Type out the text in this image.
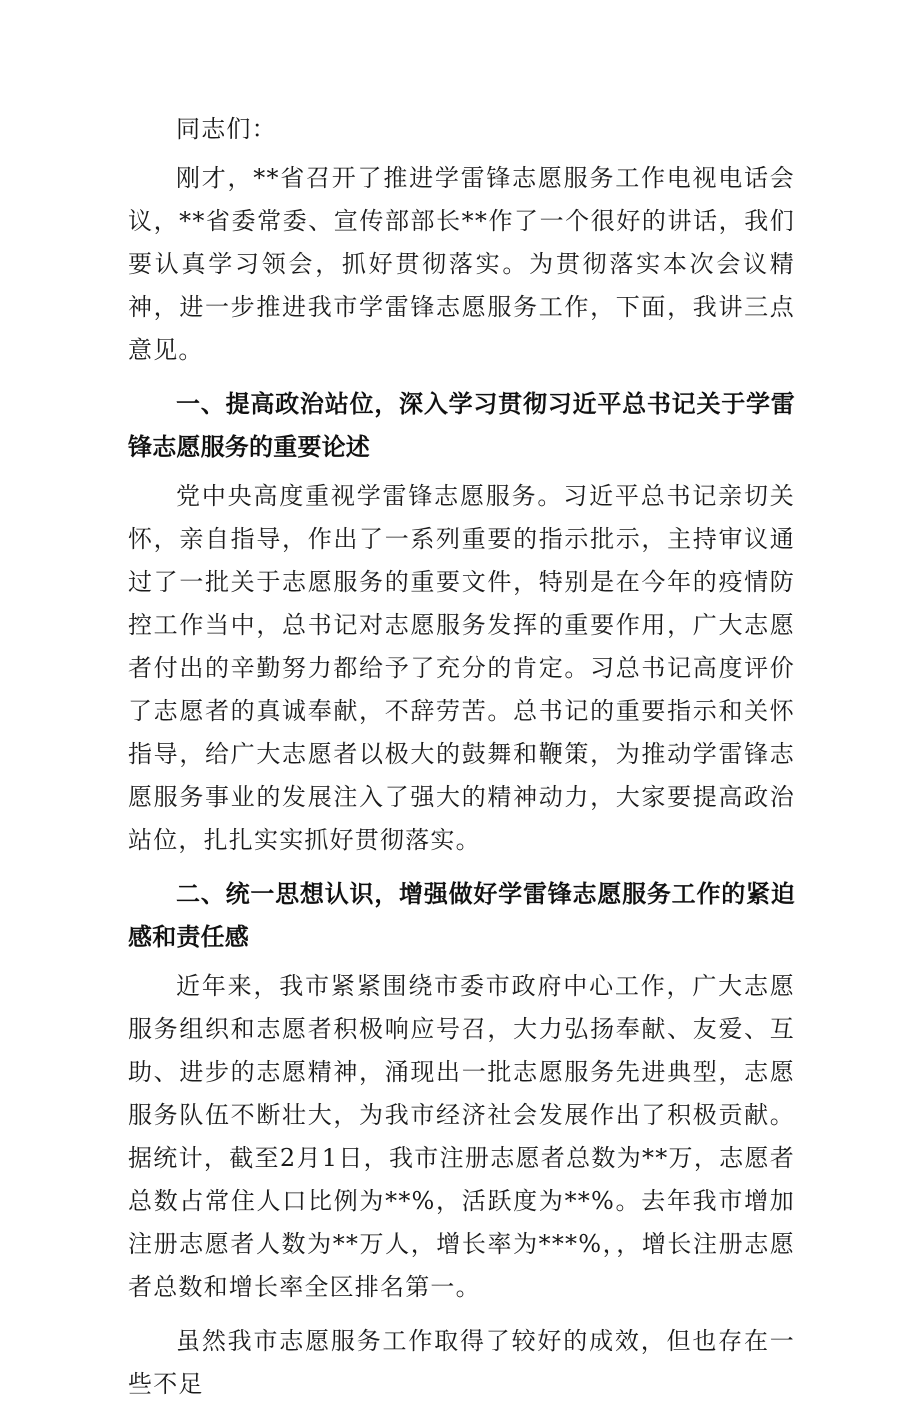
同志们：

刚才，**省召开了推进学雷锋志愿服务工作电视电话会议，**省委常委、宣传部部长**作了一个很好的讲话，我们要认真学习领会，抓好贯彻落实。为贯彻落实本次会议精神，进一步推进我市学雷锋志愿服务工作，下面，我讲三点意见。

一、提高政治站位，深入学习贯彻习近平总书记关于学雷锋志愿服务的重要论述

党中央高度重视学雷锋志愿服务。习近平总书记亲切关怀，亲自指导，作出了一系列重要的指示批示，主持审议通过了一批关于志愿服务的重要文件，特别是在今年的疫情防控工作当中，总书记对志愿服务发挥的重要作用，广大志愿者付出的辛勤努力都给予了充分的肯定。习总书记高度评价了志愿者的真诚奉献，不辞劳苦。总书记的重要指示和关怀指导，给广大志愿者以极大的鼓舞和鞭策，为推动学雷锋志愿服务事业的发展注入了强大的精神动力，大家要提高政治站位，扎扎实实抓好贯彻落实。

二、统一思想认识，增强做好学雷锋志愿服务工作的紧迫感和责任感

近年来，我市紧紧围绕市委市政府中心工作，广大志愿服务组织和志愿者积极响应号召，大力弘扬奉献、友爱、互助、进步的志愿精神，涌现出一批志愿服务先进典型，志愿服务队伍不断壮大，为我市经济社会发展作出了积极贡献。据统计，截至2月1日，我市注册志愿者总数为**万，志愿者总数占常住人口比例为**%，活跃度为**%。去年我市增加注册志愿者人数为**万人，增长率为***%，，增长注册志愿者总数和增长率全区排名第一。

虽然我市志愿服务工作取得了较好的成效，但也存在一些不足
